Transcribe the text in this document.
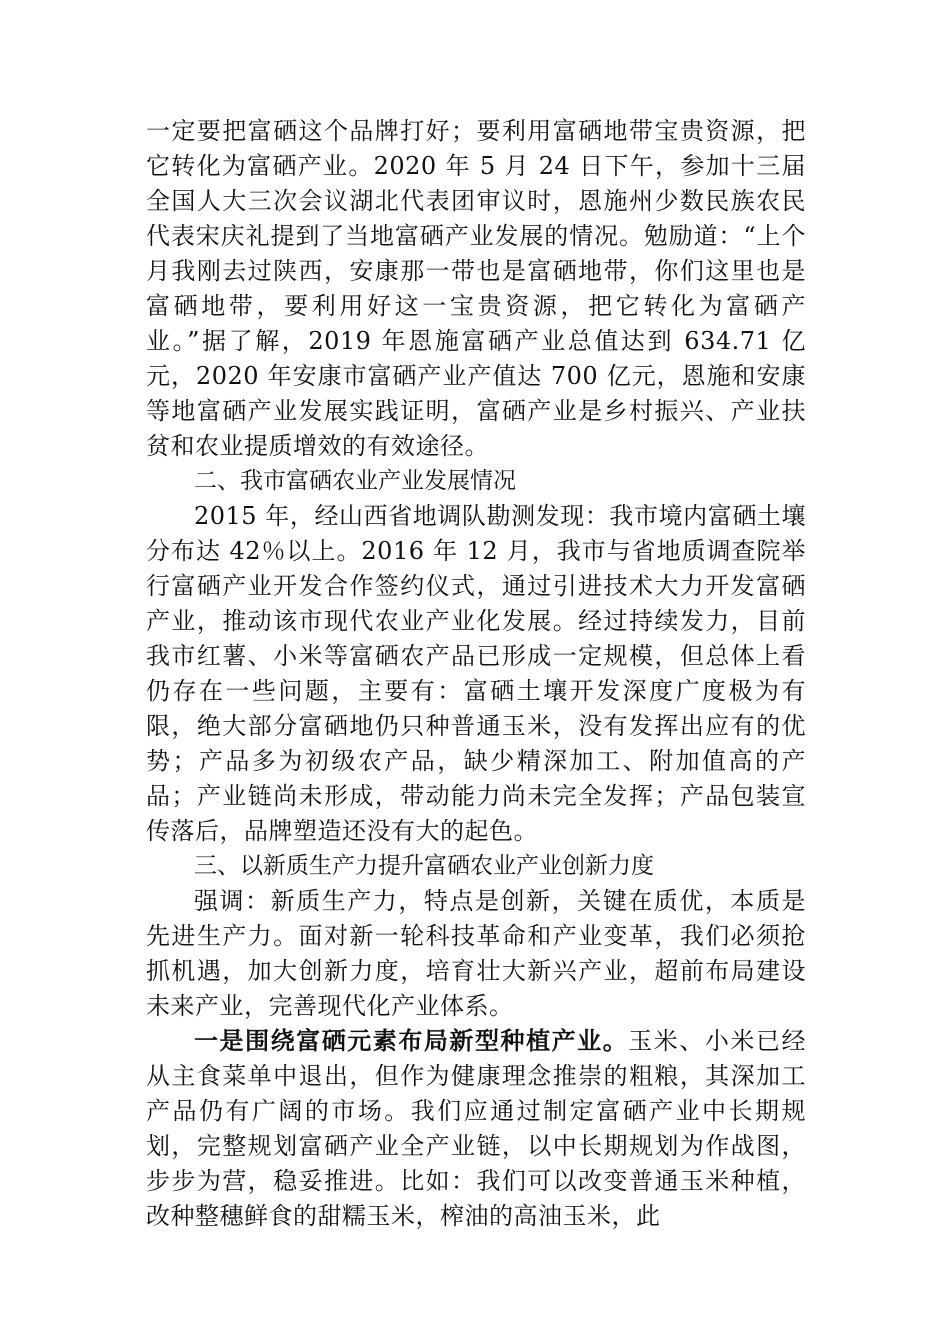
一定要把富硒这个品牌打好；要利用富硒地带宝贵资源，把它转化为富硒产业。2020 年 5 月 24 日下午，参加十三届全国人大三次会议湖北代表团审议时，恩施州少数民族农民代表宋庆礼提到了当地富硒产业发展的情况。勉励道：“上个月我刚去过陕西，安康那一带也是富硒地带，你们这里也是富硒地带，要利用好这一宝贵资源，把它转化为富硒产业。”据了解，2019 年恩施富硒产业总值达到 634.71 亿元，2020 年安康市富硒产业产值达 700 亿元，恩施和安康等地富硒产业发展实践证明，富硒产业是乡村振兴、产业扶贫和农业提质增效的有效途径。

二、我市富硒农业产业发展情况

2015 年，经山西省地调队勘测发现：我市境内富硒土壤分布达 42％以上。2016 年 12 月，我市与省地质调查院举行富硒产业开发合作签约仪式，通过引进技术大力开发富硒产业，推动该市现代农业产业化发展。经过持续发力，目前我市红薯、小米等富硒农产品已形成一定规模，但总体上看仍存在一些问题，主要有：富硒土壤开发深度广度极为有限，绝大部分富硒地仍只种普通玉米，没有发挥出应有的优势；产品多为初级农产品，缺少精深加工、附加值高的产品；产业链尚未形成，带动能力尚未完全发挥；产品包装宣传落后，品牌塑造还没有大的起色。

三、以新质生产力提升富硒农业产业创新力度

强调：新质生产力，特点是创新，关键在质优，本质是先进生产力。面对新一轮科技革命和产业变革，我们必须抢抓机遇，加大创新力度，培育壮大新兴产业，超前布局建设未来产业，完善现代化产业体系。

一是围绕富硒元素布局新型种植产业。玉米、小米已经从主食菜单中退出，但作为健康理念推崇的粗粮，其深加工产品仍有广阔的市场。我们应通过制定富硒产业中长期规划，完整规划富硒产业全产业链，以中长期规划为作战图，步步为营，稳妥推进。比如：我们可以改变普通玉米种植，改种整穗鲜食的甜糯玉米，榨油的高油玉米，此
